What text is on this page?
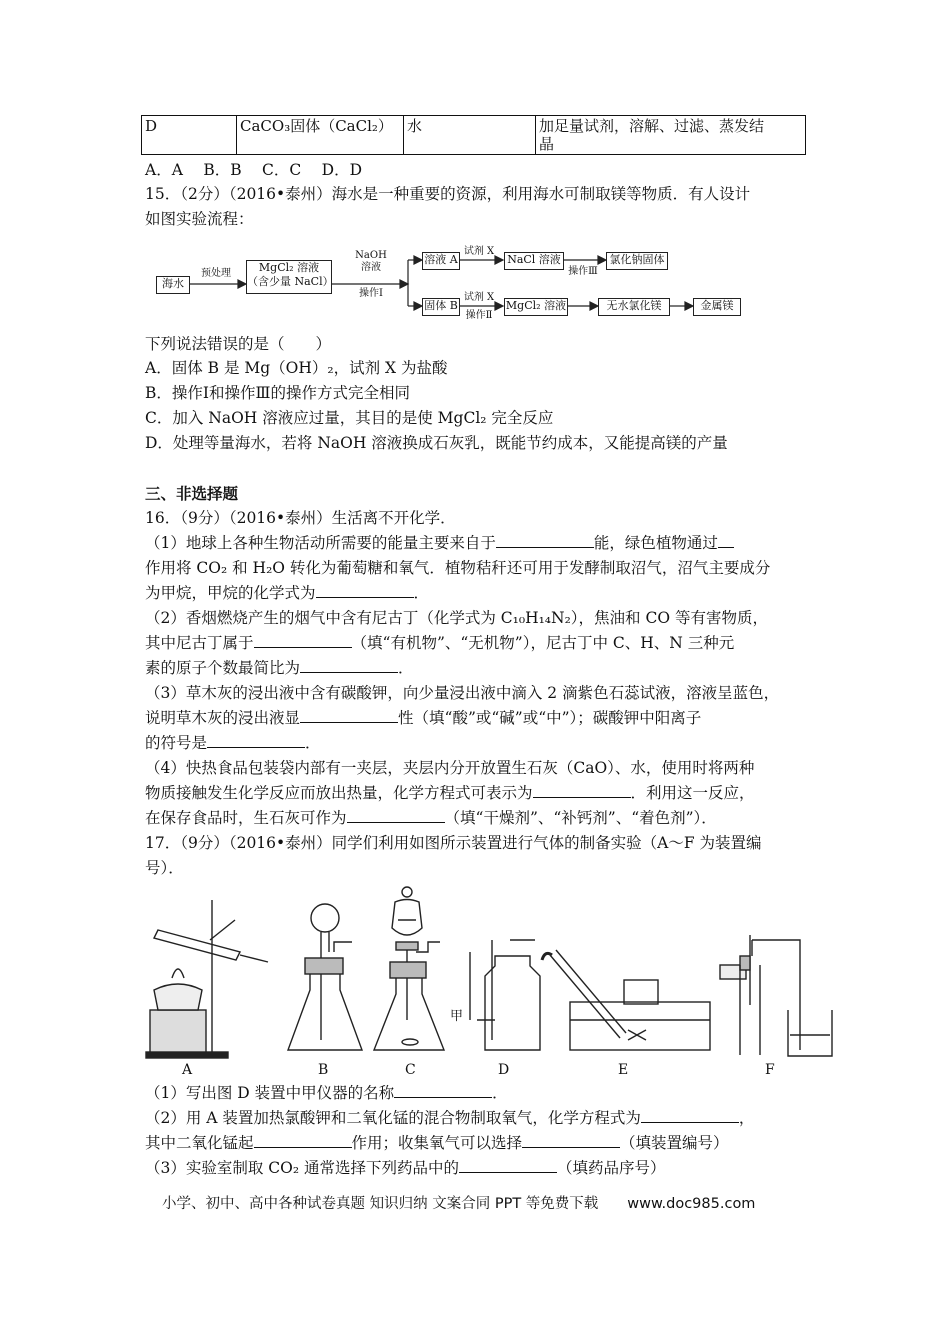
D	CaCO₃固体（CaCl₂）	水	加足量试剂，溶解、过滤、蒸发结
晶
A．A　 B．B　 C．C　 D．D
15．（2分）（2016•泰州）海水是一种重要的资源，利用海水可制取镁等物质．有人设计
如图实验流程：
海水
预处理	MgCl₂ 溶液
（含少量 NaCl）
NaOH
溶液
操作Ⅰ
溶液 A
固体 B
试剂 X
试剂 X
操作Ⅱ
NaCl 溶液
操作Ⅲ
氯化钠固体
MgCl₂ 溶液	无水氯化镁	金属镁
下列说法错误的是（　　）
A．固体 B 是 Mg（OH）₂，试剂 X 为盐酸
B．操作Ⅰ和操作Ⅲ的操作方式完全相同
C．加入 NaOH 溶液应过量，其目的是使 MgCl₂ 完全反应
D．处理等量海水，若将 NaOH 溶液换成石灰乳，既能节约成本，又能提高镁的产量
三、非选择题
16．（9分）（2016•泰州）生活离不开化学．
（1）地球上各种生物活动所需要的能量主要来自于	能，绿色植物通过
作用将 CO₂ 和 H₂O 转化为葡萄糖和氧气．植物秸秆还可用于发酵制取沼气，沼气主要成分
为甲烷，甲烷的化学式为	．
（2）香烟燃烧产生的烟气中含有尼古丁（化学式为 C₁₀H₁₄N₂），焦油和 CO 等有害物质，
其中尼古丁属于	（填“有机物”、“无机物”），尼古丁中 C、H、N 三种元
素的原子个数最简比为	．
（3）草木灰的浸出液中含有碳酸钾，向少量浸出液中滴入 2 滴紫色石蕊试液，溶液呈蓝色，
说明草木灰的浸出液显	性（填“酸”或“碱”或“中”）；碳酸钾中阳离子
的符号是	．
（4）快热食品包装袋内部有一夹层，夹层内分开放置生石灰（CaO）、水，使用时将两种
物质接触发生化学反应而放出热量，化学方程式可表示为	．利用这一反应，
在保存食品时，生石灰可作为	（填“干燥剂”、“补钙剂”、“着色剂”）．
17．（9分）（2016•泰州）同学们利用如图所示装置进行气体的制备实验（A～F 为装置编
号）．
甲
A	B	C	D	E	F
（1）写出图 D 装置中甲仪器的名称	．
（2）用 A 装置加热氯酸钾和二氧化锰的混合物制取氧气，化学方程式为	，
其中二氧化锰起	作用；收集氧气可以选择	（填装置编号）
（3）实验室制取 CO₂ 通常选择下列药品中的	（填药品序号）
小学、初中、高中各种试卷真题 知识归纳 文案合同 PPT 等免费下载　　www.doc985.com
